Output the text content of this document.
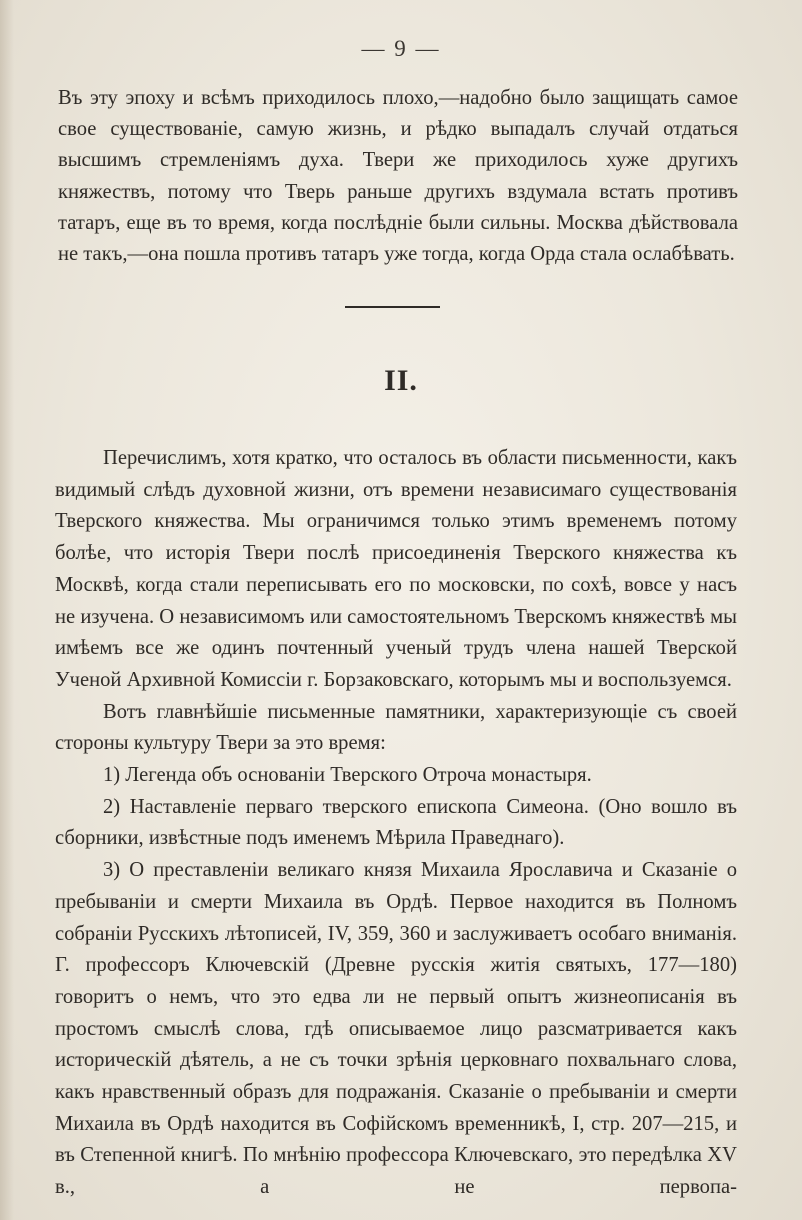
— 9 —
Въ эту эпоху и всѣмъ приходилось плохо,—надобно было защищать самое свое существованіе, самую жизнь, и рѣдко выпадалъ случай отдаться высшимъ стремленіямъ духа. Твери же приходилось хуже другихъ княжествъ, потому что Тверь раньше другихъ вздумала встать противъ татаръ, еще въ то время, когда послѣдніе были сильны. Москва дѣйствовала не такъ,—она пошла противъ татаръ уже тогда, когда Орда стала ослабѣвать.
II.

Перечислимъ, хотя кратко, что осталось въ области письменности, какъ видимый слѣдъ духовной жизни, отъ времени независимаго существованія Тверского княжества. Мы ограничимся только этимъ временемъ потому болѣе, что исторія Твери послѣ присоединенія Тверского княжества къ Москвѣ, когда стали переписывать его по московски, по сохѣ, вовсе у насъ не изучена. О независимомъ или самостоятельномъ Тверскомъ княжествѣ мы имѣемъ все же одинъ почтенный ученый трудъ члена нашей Тверской Ученой Архивной Комиссіи г. Борзаковскаго, которымъ мы и воспользуемся.

Вотъ главнѣйшіе письменные памятники, характеризующіе съ своей стороны культуру Твери за это время:

1) Легенда объ основаніи Тверского Отроча монастыря.

2) Наставленіе перваго тверского епископа Симеона. (Оно вошло въ сборники, извѣстные подъ именемъ Мѣрила Праведнаго).

3) О преставленіи великаго князя Михаила Ярославича и Сказаніе о пребываніи и смерти Михаила въ Ордѣ. Первое находится въ Полномъ собраніи Русскихъ лѣтописей, IV, 359, 360 и заслуживаетъ особаго вниманія. Г. профессоръ Ключевскій (Древне русскія житія святыхъ, 177—180) говоритъ о немъ, что это едва ли не первый опытъ жизнеописанія въ простомъ смыслѣ слова, гдѣ описываемое лицо разсматривается какъ историческій дѣятель, а не съ точки зрѣнія церковнаго похвальнаго слова, какъ нравственный образъ для подражанія. Сказаніе о пребываніи и смерти Михаила въ Ордѣ находится въ Софійскомъ временникѣ, I, стр. 207—215, и въ Степенной книгѣ. По мнѣнію профессора Ключевскаго, это передѣлка XV в., а не первопа-
